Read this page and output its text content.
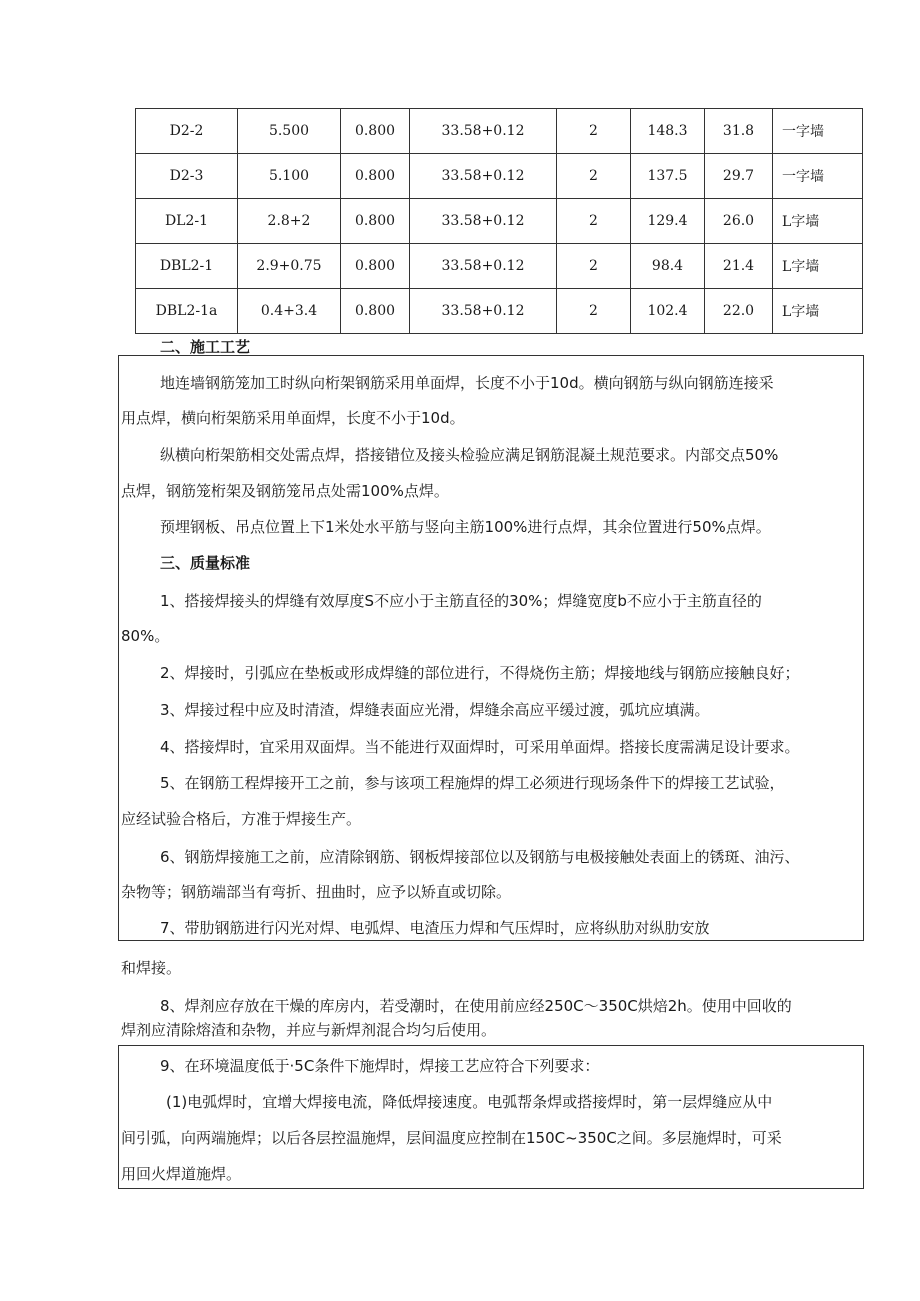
D2-2	5.500	0.800	33.58+0.12	2	148.3	31.8	一字墙
D2-3	5.100	0.800	33.58+0.12	2	137.5	29.7	一字墙
DL2-1	2.8+2	0.800	33.58+0.12	2	129.4	26.0	L字墙
DBL2-1	2.9+0.75	0.800	33.58+0.12	2	98.4	21.4	L字墙
DBL2-1a	0.4+3.4	0.800	33.58+0.12	2	102.4	22.0	L字墙
二、施工工艺
地连墙钢筋笼加工时纵向桁架钢筋采用单面焊，长度不小于10d。横向钢筋与纵向钢筋连接采
用点焊，横向桁架筋采用单面焊，长度不小于10d。
纵横向桁架筋相交处需点焊，搭接错位及接头检验应满足钢筋混凝土规范要求。内部交点50%
点焊，钢筋笼桁架及钢筋笼吊点处需100%点焊。
预埋钢板、吊点位置上下1米处水平筋与竖向主筋100%进行点焊，其余位置进行50%点焊。
三、质量标准
1、搭接焊接头的焊缝有效厚度S不应小于主筋直径的30%；焊缝宽度b不应小于主筋直径的
80%。
2、焊接时，引弧应在垫板或形成焊缝的部位进行，不得烧伤主筋；焊接地线与钢筋应接触良好；
3、焊接过程中应及时清渣，焊缝表面应光滑，焊缝余高应平缓过渡，弧坑应填满。
4、搭接焊时，宜采用双面焊。当不能进行双面焊时，可采用单面焊。搭接长度需满足设计要求。
5、在钢筋工程焊接开工之前，参与该项工程施焊的焊工必须进行现场条件下的焊接工艺试验，
应经试验合格后，方准于焊接生产。
6、钢筋焊接施工之前，应清除钢筋、钢板焊接部位以及钢筋与电极接触处表面上的锈斑、油污、
杂物等；钢筋端部当有弯折、扭曲时，应予以矫直或切除。
7、带肋钢筋进行闪光对焊、电弧焊、电渣压力焊和气压焊时，应将纵肋对纵肋安放
和焊接。
8、焊剂应存放在干燥的库房内，若受潮时，在使用前应经250C～350C烘焙2h。使用中回收的
焊剂应清除熔渣和杂物，并应与新焊剂混合均匀后使用。
9、在环境温度低于·5C条件下施焊时，焊接工艺应符合下列要求：
(1)电弧焊时，宜增大焊接电流，降低焊接速度。电弧帮条焊或搭接焊时，第一层焊缝应从中
间引弧，向两端施焊；以后各层控温施焊，层间温度应控制在150C~350C之间。多层施焊时，可采
用回火焊道施焊。
